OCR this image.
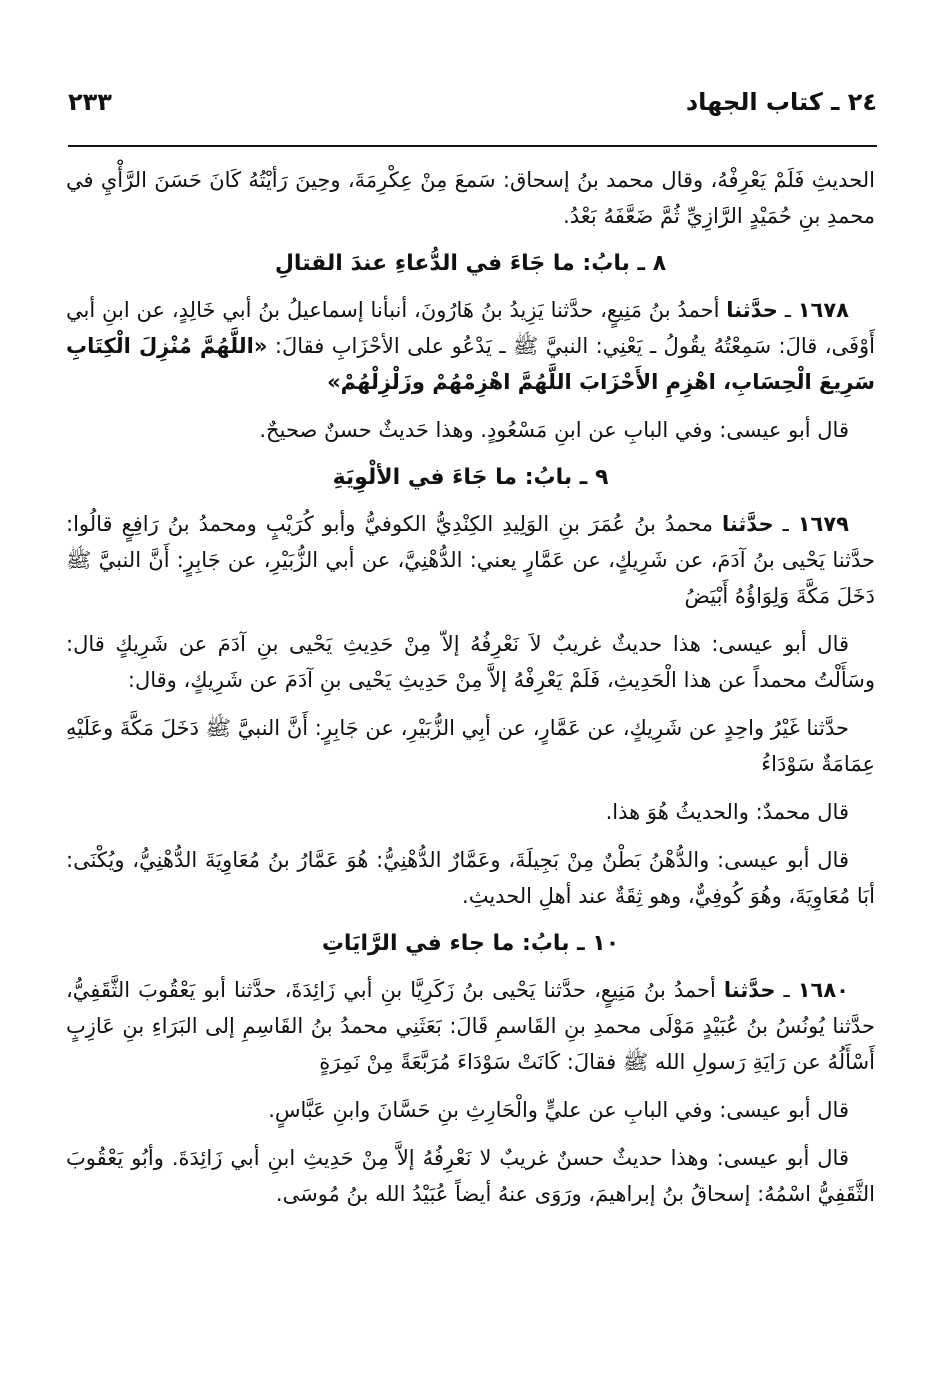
٢٤ ـ كتاب الجهاد
٢٣٣

الحديثِ فَلَمْ يَعْرِفْهُ، وقال محمد بنُ إسحاق: سَمعَ مِنْ عِكْرِمَةَ، وحِينَ رَأيْتُهُ كَانَ حَسَنَ الرَّأْيِ في محمدِ بنِ حُمَيْدٍ الرَّازِيِّ ثُمَّ ضَعَّفَهُ بَعْدُ.

٨ ـ بابُ: ما جَاءَ في الدُّعاءِ عندَ القتالِ

١٦٧٨ ـ حدَّثنا أحمدُ بنُ مَنِيعٍ، حدَّثنا يَزِيدُ بنُ هَارُونَ، أنبأنا إسماعيلُ بنُ أبي خَالِدٍ، عن ابنِ أبي أَوْفَى، قالَ: سَمِعْتُهُ يقُولُ ـ يَعْنِي: النبيَّ ﷺ ـ يَدْعُو على الأحْزَابِ فقالَ: «اللَّهُمَّ مُنْزِلَ الْكِتَابِ سَرِيعَ الْحِسَابِ، اهْزِمِ الأَحْزَابَ اللَّهُمَّ اهْزِمْهُمْ وزَلْزِلْهُمْ»

قال أبو عيسى: وفي البابِ عن ابنِ مَسْعُودٍ. وهذا حَديثٌ حسنٌ صحيحٌ.

٩ ـ بابُ: ما جَاءَ في الألْوِيَةِ

١٦٧٩ ـ حدَّثنا محمدُ بنُ عُمَرَ بنِ الوَلِيدِ الكِنْدِيُّ الكوفيُّ وأبو كُرَيْبٍ ومحمدُ بنُ رَافِعٍ قالُوا: حدَّثنا يَحْيى بنُ آدَمَ، عن شَرِيكٍ، عن عَمَّارٍ يعني: الدُّهْنِيَّ، عن أبي الزُّبَيْرِ، عن جَابِرٍ: أَنَّ النبيَّ ﷺ دَخَلَ مَكَّةَ وَلِوَاؤُهُ أَبْيَضُ

قال أبو عيسى: هذا حديثٌ غريبٌ لاَ نَعْرِفُهُ إلاّ مِنْ حَدِيثِ يَحْيى بنِ آدَمَ عن شَرِيكٍ قال: وسَأَلْتُ محمداً عن هذا الْحَدِيثِ، فَلَمْ يَعْرِفْهُ إلاَّ مِنْ حَدِيثِ يَحْيى بنِ آدَمَ عن شَرِيكٍ، وقال:

حدَّثنا غَيْرُ واحِدٍ عن شَرِيكٍ، عن عَمَّارٍ، عن أبِي الزُّبَيْرِ، عن جَابِرٍ: أَنَّ النبيَّ ﷺ دَخَلَ مَكَّةَ وعَلَيْهِ عِمَامَةٌ سَوْدَاءُ

قال محمدٌ: والحديثُ هُوَ هذا.

قال أبو عيسى: والدُّهْنُ بَطْنٌ مِنْ بَجِيلَةَ، وعَمَّارٌ الدُّهْنِيُّ: هُوَ عَمَّارُ بنُ مُعَاوِيَةَ الدُّهْنِيُّ، ويُكْنَى: أبَا مُعَاوِيَةَ، وهُوَ كُوفِيٌّ، وهو ثِقَةٌ عند أهلِ الحديثِ.

١٠ ـ بابُ: ما جاء في الرَّايَاتِ

١٦٨٠ ـ حدَّثنا أحمدُ بنُ مَنِيعٍ، حدَّثنا يَحْيى بنُ زَكَرِيَّا بنِ أبي زَائِدَةَ، حدَّثنا أبو يَعْقُوبَ الثَّقَفِيُّ، حدَّثنا يُونُسُ بنُ عُبَيْدٍ مَوْلَى محمدِ بنِ القَاسمِ قَالَ: بَعَثَنِي محمدُ بنُ القَاسِمِ إلى البَرَاءِ بنِ عَازِبٍ أَسْأَلُهُ عن رَايَةِ رَسولِ الله ﷺ فقالَ: كَانَتْ سَوْدَاءَ مُرَبَّعَةً مِنْ نَمِرَةٍ

قال أبو عيسى: وفي البابِ عن عليٍّ والْحَارِثِ بنِ حَسَّانَ وابنِ عَبَّاسٍ.

قال أبو عيسى: وهذا حديثٌ حسنٌ غريبٌ لا نَعْرِفُهُ إلاَّ مِنْ حَدِيثِ ابنِ أبي زَائِدَةَ. وأبُو يَعْقُوبَ الثَّقَفِيُّ اسْمُهُ: إسحاقُ بنُ إبراهيمَ، ورَوَى عنهُ أيضاً عُبَيْدُ الله بنُ مُوسَى.
